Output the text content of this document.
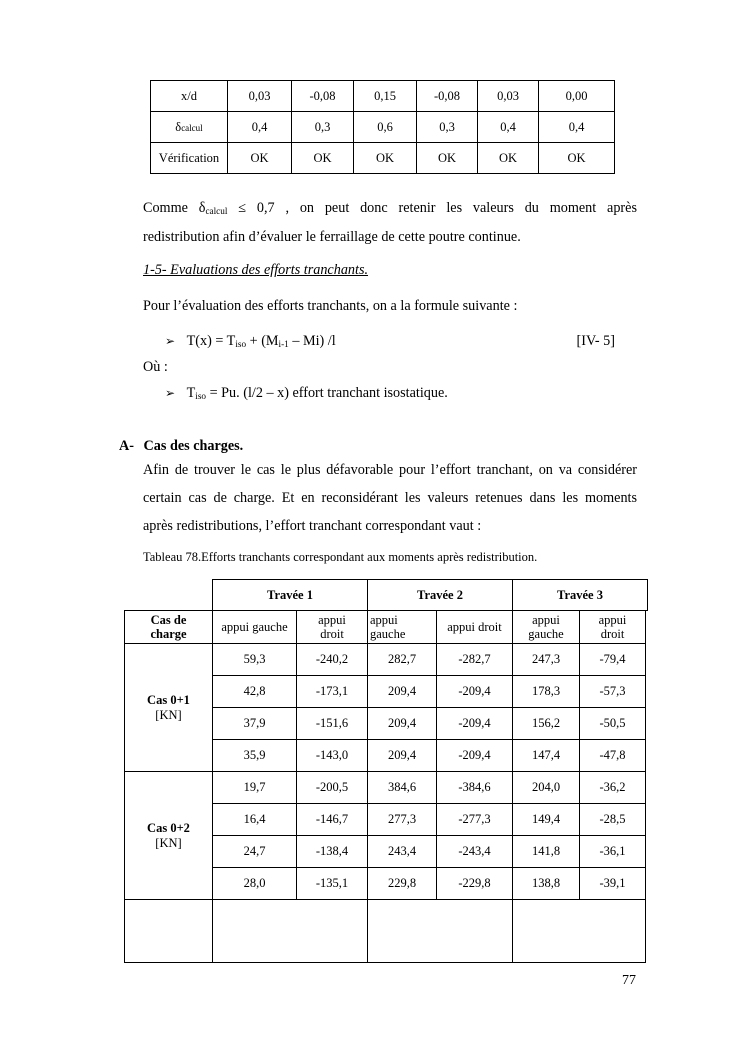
x/d	0,03	-0,08	0,15	-0,08	0,03	0,00
δcalcul	0,4	0,3	0,6	0,3	0,4	0,4
Vérification	OK	OK	OK	OK	OK	OK
Comme δcalcul ≤ 0,7 , on peut donc retenir les valeurs du moment après
redistribution afin d’évaluer le ferraillage de cette poutre continue.
1-5- Evaluations des efforts tranchants.
Pour l’évaluation des efforts tranchants, on a la formule suivante :
➢ T(x) = Tiso + (Mi-1 – Mi) /l	[IV- 5]
Où :
➢ Tiso = Pu. (l/2 – x) effort tranchant isostatique.
A- Cas des charges.
Afin de trouver le cas le plus défavorable pour l’effort tranchant, on va considérer
certain cas de charge. Et en reconsidérant les valeurs retenues dans les moments
après redistributions, l’effort tranchant correspondant vaut :
Tableau 78.Efforts tranchants correspondant aux moments après redistribution.
Travée 1	Travée 2	Travée 3
Cas de charge	appui gauche	appui droit	appui gauche	appui droit	appui gauche	appui droit

Cas 0+1
[KN]	59,3	-240,2	282,7	-282,7	247,3	-79,4
	42,8	-173,1	209,4	-209,4	178,3	-57,3
	37,9	-151,6	209,4	-209,4	156,2	-50,5
	35,9	-143,0	209,4	-209,4	147,4	-47,8

Cas 0+2
[KN]	19,7	-200,5	384,6	-384,6	204,0	-36,2
	16,4	-146,7	277,3	-277,3	149,4	-28,5
	24,7	-138,4	243,4	-243,4	141,8	-36,1
	28,0	-135,1	229,8	-229,8	138,8	-39,1

77
